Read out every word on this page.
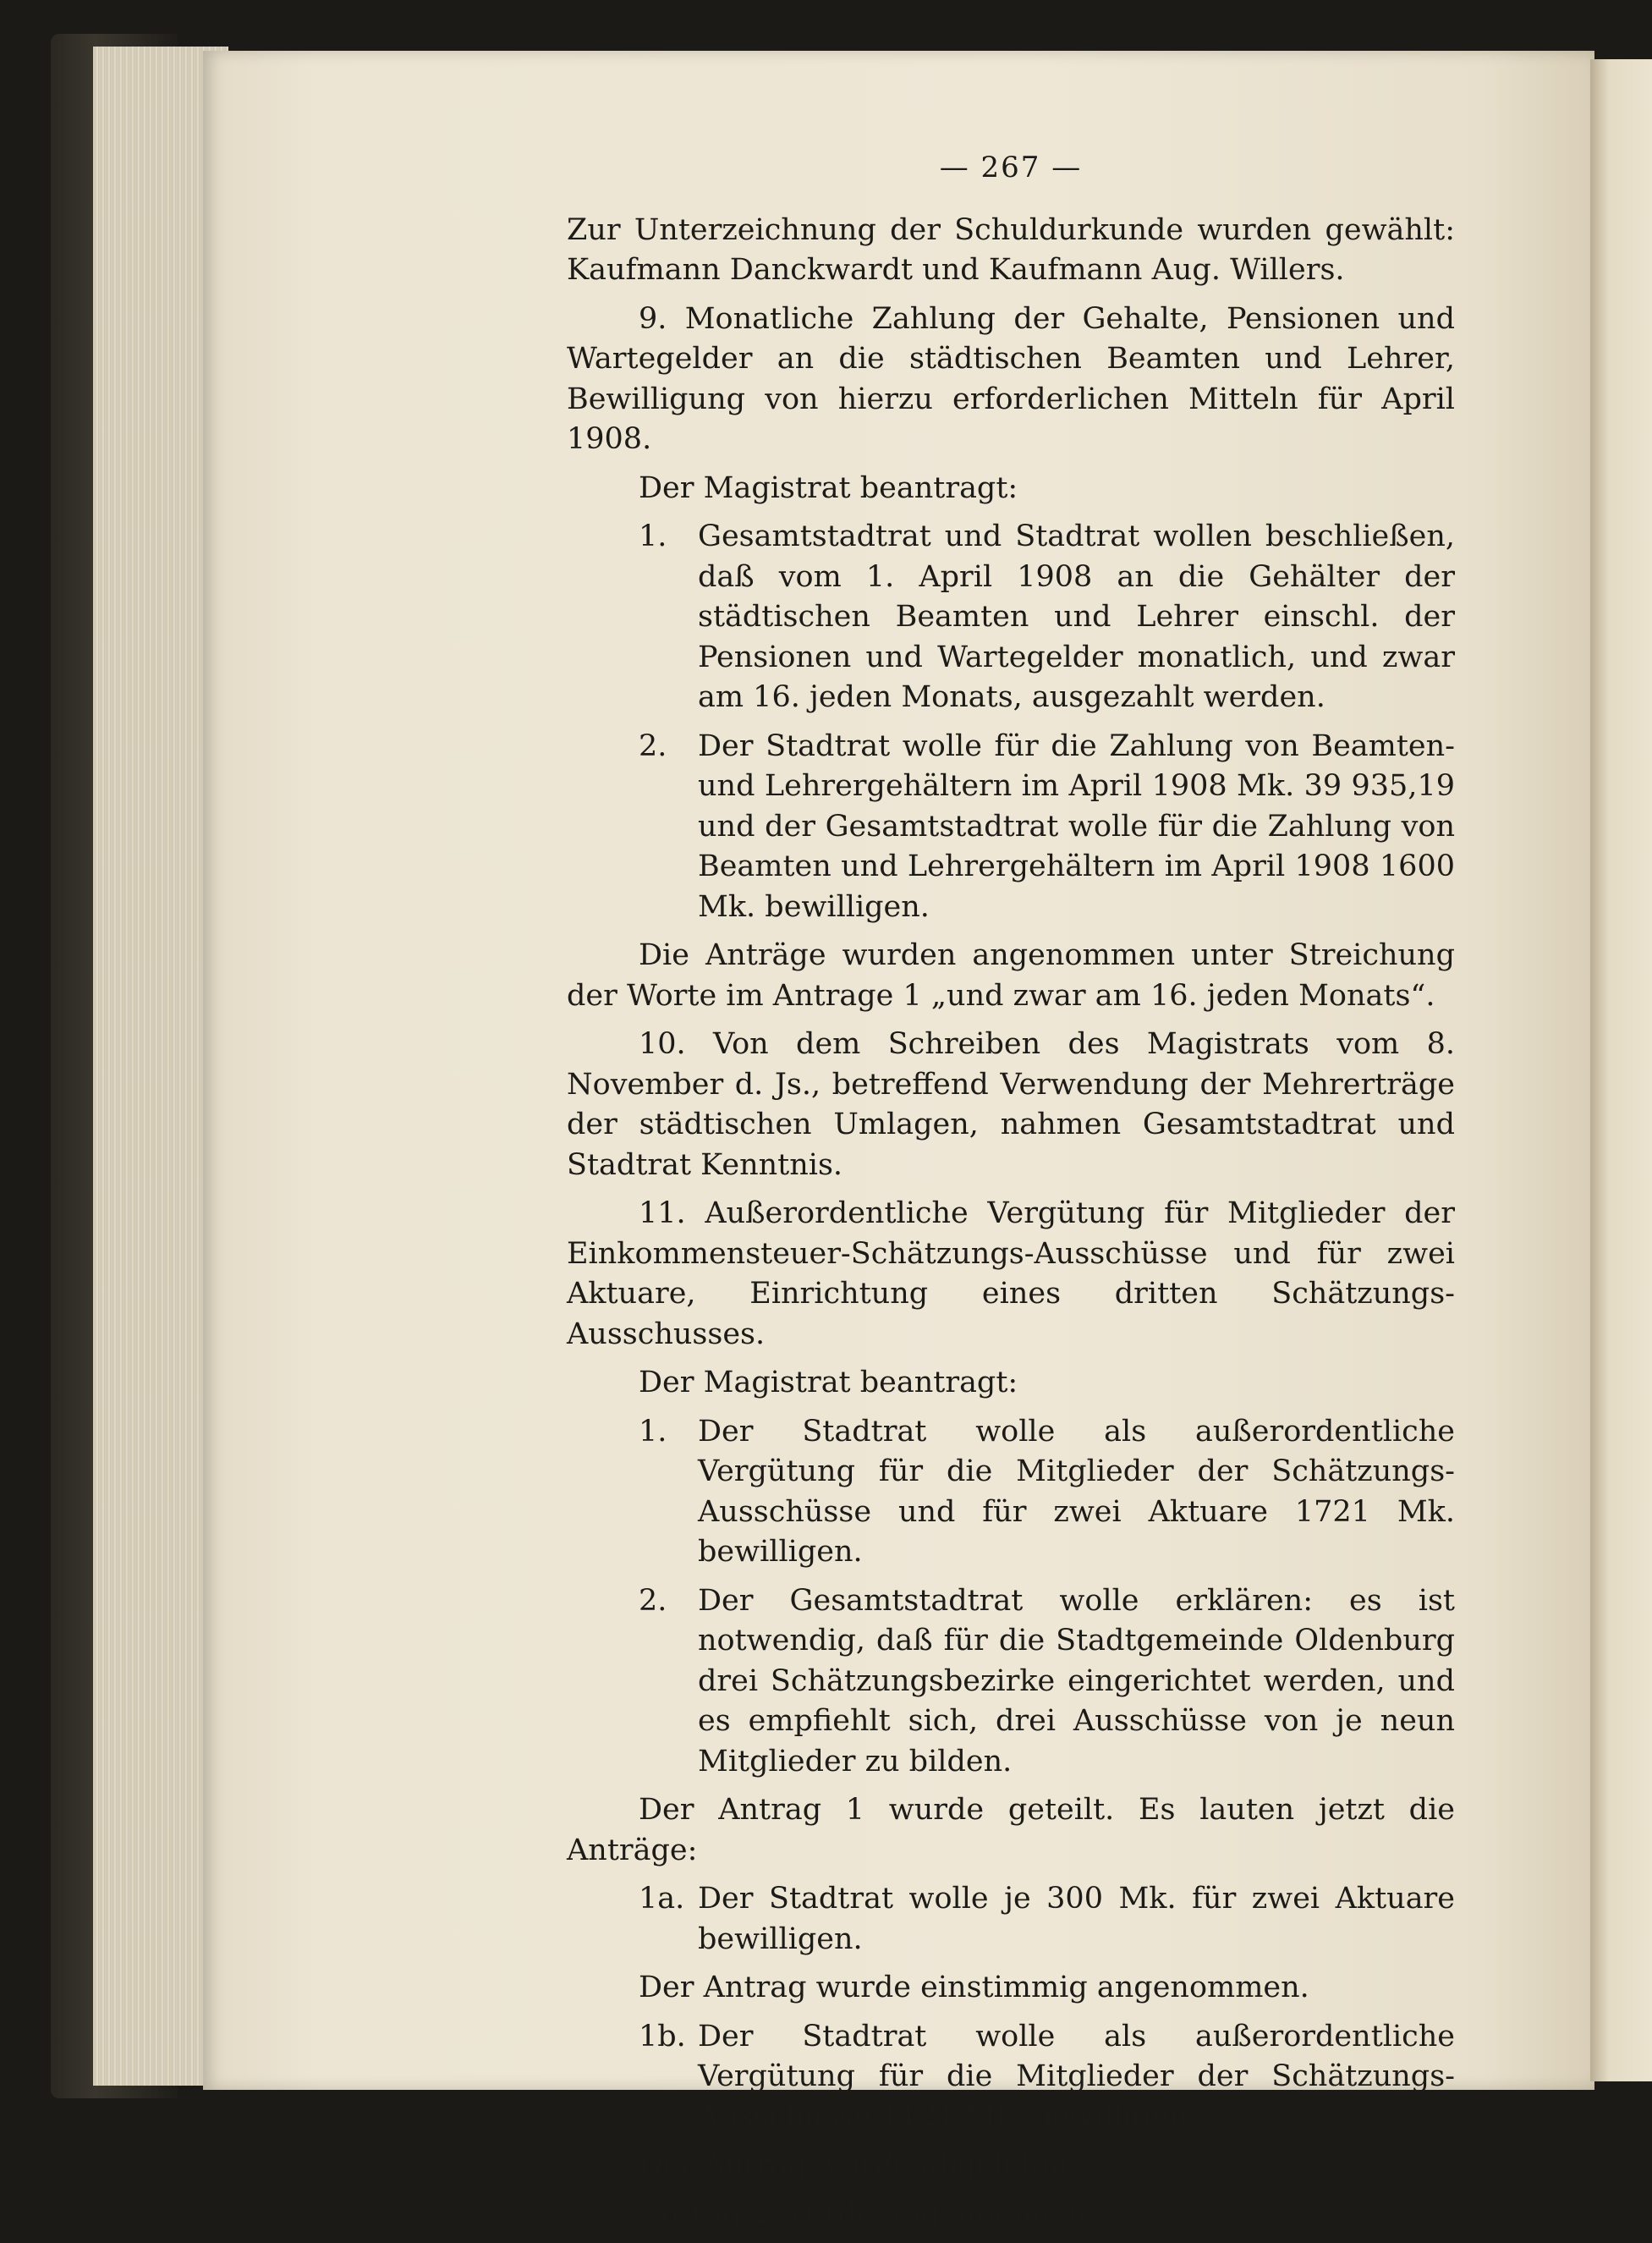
— 267 —

Zur Unterzeichnung der Schuldurkunde wurden gewählt: Kaufmann Danckwardt und Kaufmann Aug. Willers.

9. Monatliche Zahlung der Gehalte, Pensionen und Wartegelder an die städtischen Beamten und Lehrer, Bewilligung von hierzu erforderlichen Mitteln für April 1908.

Der Magistrat beantragt:

1.	Gesamtstadtrat und Stadtrat wollen beschließen, daß vom 1. April 1908 an die Gehälter der städtischen Beamten und Lehrer einschl. der Pensionen und Wartegelder monatlich, und zwar am 16. jeden Monats, ausgezahlt werden.
2.	Der Stadtrat wolle für die Zahlung von Beamten- und Lehrergehältern im April 1908 Mk. 39 935,19 und der Gesamtstadtrat wolle für die Zahlung von Beamten und Lehrergehältern im April 1908 1600 Mk. bewilligen.

Die Anträge wurden angenommen unter Streichung der Worte im Antrage 1 „und zwar am 16. jeden Monats“.

10. Von dem Schreiben des Magistrats vom 8. November d. Js., betreffend Verwendung der Mehrerträge der städtischen Umlagen, nahmen Gesamtstadtrat und Stadtrat Kenntnis.

11. Außerordentliche Vergütung für Mitglieder der Einkommensteuer-Schätzungs-Ausschüsse und für zwei Aktuare, Einrichtung eines dritten Schätzungs-Ausschusses.

Der Magistrat beantragt:

1.	Der Stadtrat wolle als außerordentliche Vergütung für die Mitglieder der Schätzungs-Ausschüsse und für zwei Aktuare 1721 Mk. bewilligen.
2.	Der Gesamtstadtrat wolle erklären: es ist notwendig, daß für die Stadtgemeinde Oldenburg drei Schätzungsbezirke eingerichtet werden, und es empfiehlt sich, drei Ausschüsse von je neun Mitglieder zu bilden.

Der Antrag 1 wurde geteilt. Es lauten jetzt die Anträge:

1a. Der Stadtrat wolle je 300 Mk. für zwei Aktuare bewilligen.

Der Antrag wurde einstimmig angenommen.

1b. Der Stadtrat wolle als außerordentliche Vergütung für die Mitglieder der Schätzungs-Ausschüsse 1121 Mk. bewilligen.

Der Antrag wurde abgelehnt.

Antrag 2 wurde angenommen.
